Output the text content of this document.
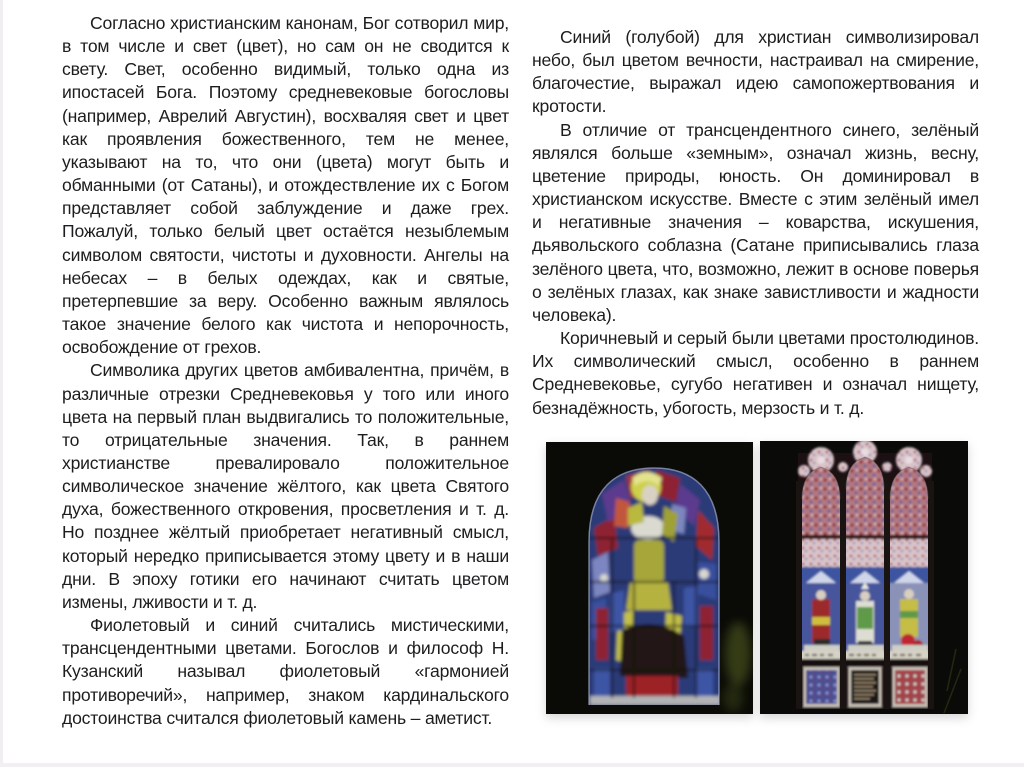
Согласно христианским канонам, Бог сотворил мир, в том числе и свет (цвет), но сам он не сводится к свету. Свет, особенно видимый, только одна из ипостасей Бога. Поэтому средневековые богословы (например, Аврелий Августин), восхваляя свет и цвет как проявления божественного, тем не менее, указывают на то, что они (цвета) могут быть и обманными (от Сатаны), и отождествление их с Богом представляет собой заблуждение и даже грех. Пожалуй, только белый цвет остаётся незыблемым символом святости, чистоты и духовности. Ангелы на небесах – в белых одеждах, как и святые, претерпевшие за веру. Особенно важным являлось такое значение белого как чистота и непорочность, освобождение от грехов.

Символика других цветов амбивалентна, причём, в различные отрезки Средневековья у того или иного цвета на первый план выдвигались то положительные, то отрицательные значения. Так, в раннем христианстве превалировало положительное символическое значение жёлтого, как цвета Святого духа, божественного откровения, просветления и т. д. Но позднее жёлтый приобретает негативный смысл, который нередко приписывается этому цвету и в наши дни. В эпоху готики его начинают считать цветом измены, лживости и т. д.

Фиолетовый и синий считались мистическими, трансцендентными цветами. Богослов и философ Н. Кузанский называл фиолетовый «гармонией противоречий», например, знаком кардинальского достоинства считался фиолетовый камень – аметист.

Синий (голубой) для христиан символизировал небо, был цветом вечности, настраивал на смирение, благочестие, выражал идею самопожертвования и кротости.

В отличие от трансцендентного синего, зелёный являлся больше «земным», означал жизнь, весну, цветение природы, юность. Он доминировал в христианском искусстве. Вместе с этим зелёный имел и негативные значения – коварства, искушения, дьявольского соблазна (Сатане приписывались глаза зелёного цвета, что, возможно, лежит в основе поверья о зелёных глазах, как знаке завистливости и жадности человека).

Коричневый и серый были цветами простолюдинов. Их символический смысл, особенно в раннем Средневековье, сугубо негативен и означал нищету, безнадёжность, убогость, мерзость и т. д.
